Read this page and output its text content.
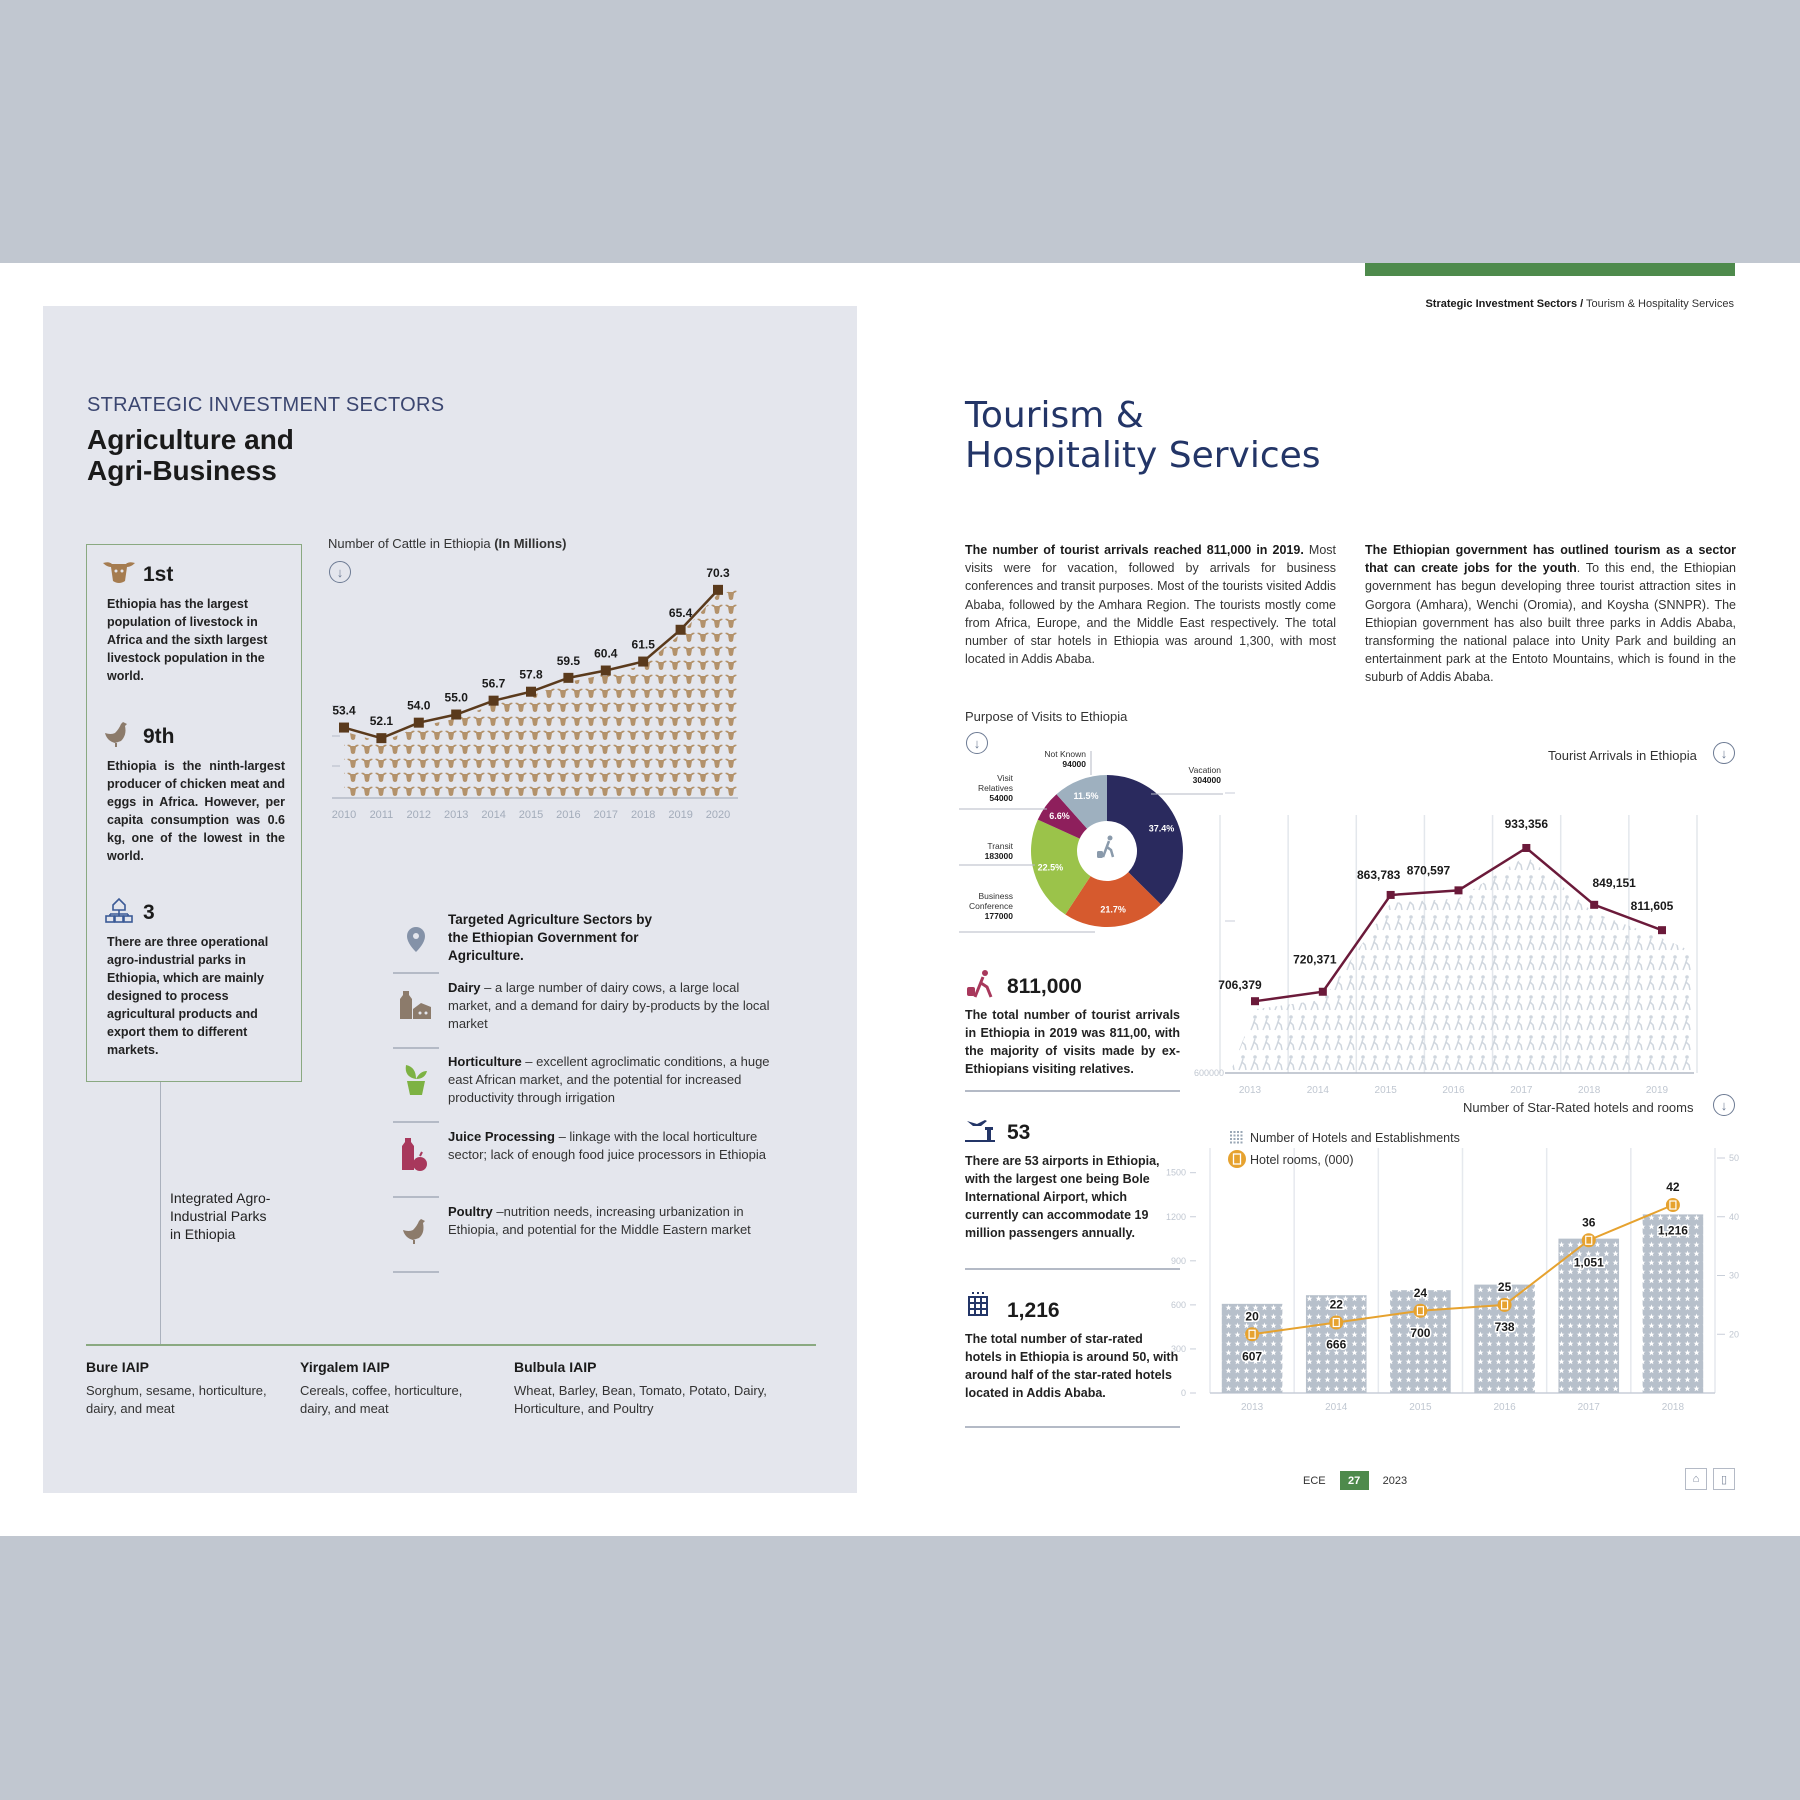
STRATEGIC INVESTMENT SECTORS
Agriculture and
Agri-Business
1st

Ethiopia has the largest population of livestock in Africa and the sixth largest livestock population in the world.

9th

Ethiopia is the ninth-largest producer of chicken meat and eggs in Africa. However, per capita consumption was 0.6 kg, one of the lowest in the world.

3

There are three operational agro-industrial parks in Ethiopia, which are mainly designed to process agricultural products and export them to different markets.

Integrated Agro-Industrial Parks in Ethiopia
Bure IAIP
Sorghum, sesame, horticulture, dairy, and meat
Yirgalem IAIP
Cereals, coffee, horticulture, dairy, and meat
Bulbula IAIP
Wheat, Barley, Bean, Tomato, Potato, Dairy, Horticulture, and Poultry
Number of Cattle in Ethiopia (In Millions)
↓
53.4
2010
52.1
2011
54.0
2012
55.0
2013
56.7
2014
57.8
2015
59.5
2016
60.4
2017
61.5
2018
65.4
2019
70.3
2020
Targeted Agriculture Sectors by the Ethiopian Government for Agriculture.
Dairy – a large number of dairy cows, a large local market, and a demand for dairy by-products by the local market
Horticulture – excellent agroclimatic conditions, a huge east African market, and the potential for increased productivity through irrigation
Juice Processing – linkage with the local horticulture sector; lack of enough food juice processors in Ethiopia
Poultry –nutrition needs, increasing urbanization in Ethiopia, and potential for the Middle Eastern market
Strategic Investment Sectors / Tourism & Hospitality Services
Tourism &
Hospitality Services
The number of tourist arrivals reached 811,000 in 2019. Most visits were for vacation, followed by arrivals for business conferences and transit purposes. Most of the tourists visited Addis Ababa, followed by the Amhara Region. The tourists mostly come from Africa, Europe, and the Middle East respectively. The total number of star hotels in Ethiopia was around 1,300, with most located in Addis Ababa.
The Ethiopian government has outlined tourism as a sector that can create jobs for the youth. To this end, the Ethiopian government has begun developing three tourist attraction sites in Gorgora (Amhara), Wenchi (Oromia), and Koysha (SNNPR). The Ethiopian government has also built three parks in Addis Ababa, transforming the national palace into Unity Park and building an entertainment park at the Entoto Mountains, which is found in the suburb of Addis Ababa.
Purpose of Visits to Ethiopia
↓
37.4%
21.7%
22.5%
6.6%
11.5%
Vacation
304000
Not Known
94000
Visit
Relatives
54000
Transit
183000
Business
Conference
177000
Tourist Arrivals in Ethiopia	↓
600000
706,379
2013
720,371
2014
863,783
2015
870,597
2016
933,356
2017
849,151
2018
811,605
2019
811,000

The total number of tourist arrivals in Ethiopia in 2019 was 811,00, with the majority of visits made by ex-Ethiopians visiting relatives.

53

There are 53 airports in Ethiopia, with the largest one being Bole International Airport, which currently can accommodate 19 million passengers annually.

1,216

The total number of star-rated hotels in Ethiopia is around 50, with around half of the star-rated hotels located in Addis Ababa.

Number of Star-Rated hotels and rooms	↓
0
300
600
900
1200
1500
20
30
40
50
2013	2014	2015	2016	2017	2018
607
666
700	738
1,051
1,216
20
22
24	25
36
42
Number of Hotels and Establishments
Hotel rooms, (000)
ECE	27	2023	⌂ ▯
